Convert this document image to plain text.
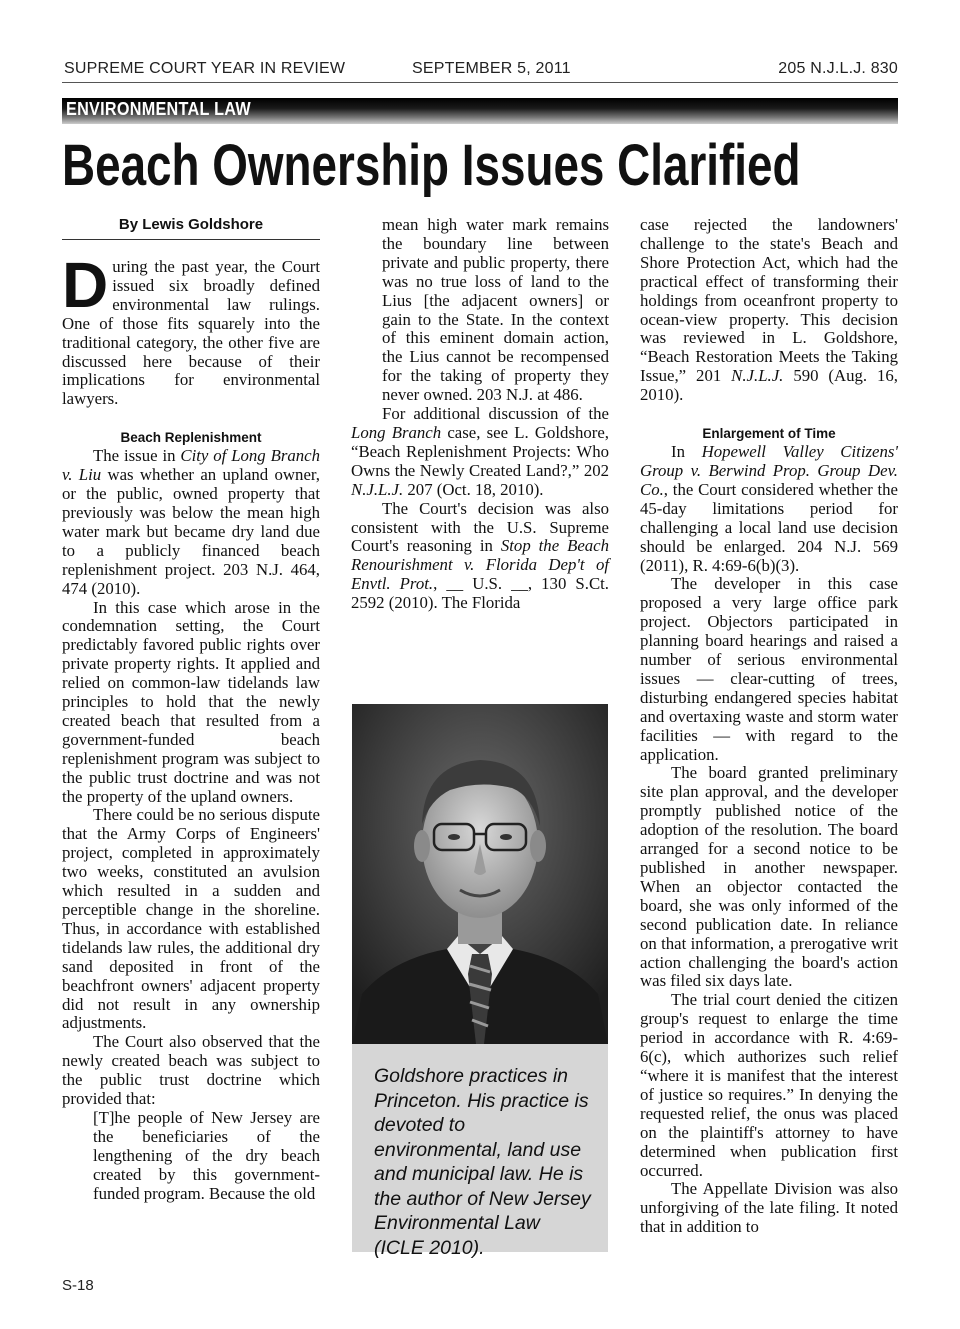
SUPREME COURT YEAR IN REVIEW	SEPTEMBER 5, 2011	205 N.J.L.J. 830
ENVIRONMENTAL LAW
Beach Ownership Issues Clarified
By Lewis Goldshore

During the past year, the Court issued six broadly defined environmental law rulings. One of those fits squarely into the traditional category, the other five are discussed here because of their implications for environmental lawyers.

Beach Replenishment

The issue in City of Long Branch v. Liu was whether an upland owner, or the public, owned property that previously was below the mean high water mark but became dry land due to a publicly financed beach replenishment project. 203 N.J. 464, 474 (2010).

In this case which arose in the condemnation setting, the Court predictably favored public rights over private property rights. It applied and relied on common-law tidelands law principles to hold that the newly created beach that resulted from a government-funded beach replenishment program was subject to the public trust doctrine and was not the property of the upland owners.

There could be no serious dispute that the Army Corps of Engineers' project, completed in approximately two weeks, constituted an avulsion which resulted in a sudden and perceptible change in the shoreline. Thus, in accordance with established tidelands law rules, the additional dry sand deposited in front of the beachfront owners' adjacent property did not result in any ownership adjustments.

The Court also observed that the newly created beach was subject to the public trust doctrine which provided that:

[T]he people of New Jersey are the beneficiaries of the lengthening of the dry beach created by this government-funded program. Because the old

mean high water mark remains the boundary line between private and public property, there was no true loss of land to the Lius [the adjacent owners] or gain to the State. In the context of this eminent domain action, the Lius cannot be recompensed for the taking of property they never owned. 203 N.J. at 486.

For additional discussion of the Long Branch case, see L. Goldshore, “Beach Replenishment Projects: Who Owns the Newly Created Land?,” 202 N.J.L.J. 207 (Oct. 18, 2010).

The Court's decision was also consistent with the U.S. Supreme Court's reasoning in Stop the Beach Renourishment v. Florida Dep't of Envtl. Prot., __ U.S. __, 130 S.Ct. 2592 (2010). The Florida

Goldshore practices in Princeton. His practice is devoted to environmental, land use and municipal law. He is the author of New Jersey Environmental Law (ICLE 2010).

case rejected the landowners' challenge to the state's Beach and Shore Protection Act, which had the practical effect of transforming their holdings from oceanfront property to ocean-view property. This decision was reviewed in L. Goldshore, “Beach Restoration Meets the Taking Issue,” 201 N.J.L.J. 590 (Aug. 16, 2010).

Enlargement of Time

In Hopewell Valley Citizens' Group v. Berwind Prop. Group Dev. Co., the Court considered whether the 45-day limitations period for challenging a local land use decision should be enlarged. 204 N.J. 569 (2011), R. 4:69-6(b)(3).

The developer in this case proposed a very large office park project. Objectors participated in planning board hearings and raised a number of serious environmental issues — clear-cutting of trees, disturbing endangered species habitat and overtaxing waste and storm water facilities — with regard to the application.

The board granted preliminary site plan approval, and the developer promptly published notice of the adoption of the resolution. The board arranged for a second notice to be published in another newspaper. When an objector contacted the board, she was only informed of the second publication date. In reliance on that information, a prerogative writ action challenging the board's action was filed six days late.

The trial court denied the citizen group's request to enlarge the time period in accordance with R. 4:69-6(c), which authorizes such relief “where it is manifest that the interest of justice so requires.” In denying the requested relief, the onus was placed on the plaintiff's attorney to have determined when publication first occurred.

The Appellate Division was also unforgiving of the late filing. It noted that in addition to

S-18
